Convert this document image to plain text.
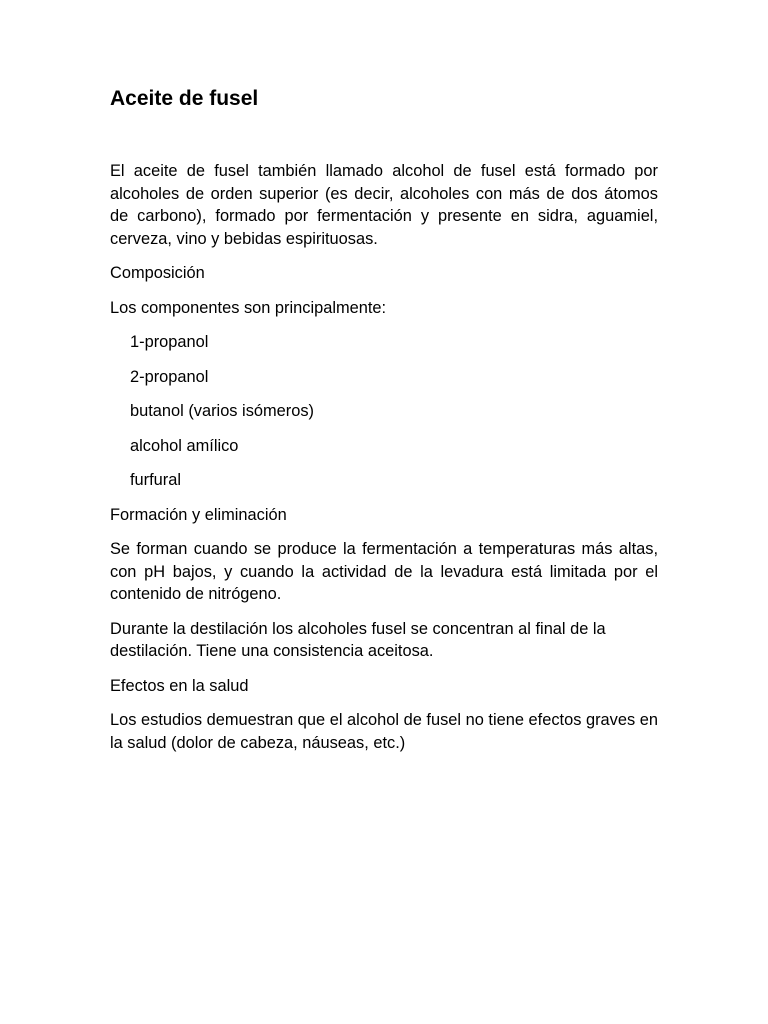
Aceite de fusel

El aceite de fusel también llamado alcohol de fusel está formado por alcoholes de orden superior (es decir, alcoholes con más de dos átomos de carbono), formado por fermentación y presente en sidra, aguamiel, cerveza, vino y bebidas espirituosas.

Composición

Los componentes son principalmente:

1-propanol
2-propanol
butanol (varios isómeros)
alcohol amílico
furfural
Formación y eliminación

Se forman cuando se produce la fermentación a temperaturas más altas, con pH bajos, y cuando la actividad de la levadura está limitada por el contenido de nitrógeno.

Durante la destilación los alcoholes fusel se concentran al final de la destilación. Tiene una consistencia aceitosa.

Efectos en la salud

Los estudios demuestran que el alcohol de fusel no tiene efectos graves en la salud (dolor de cabeza, náuseas, etc.)
